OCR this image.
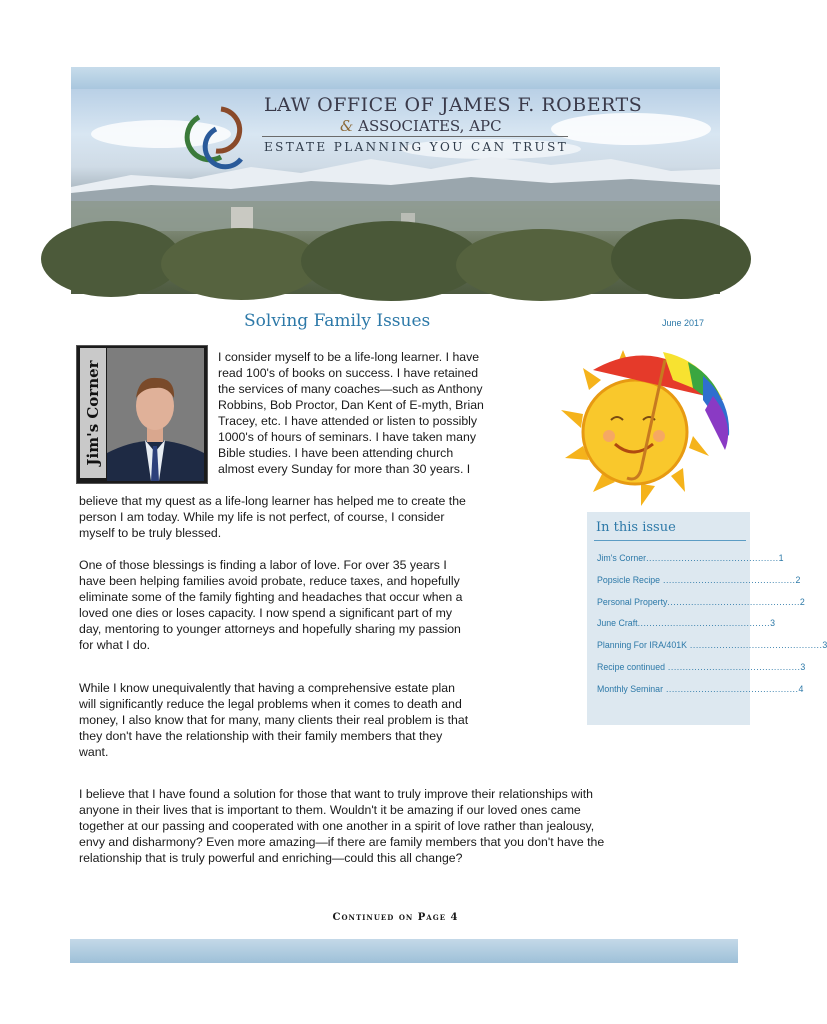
LAW OFFICE OF JAMES F. ROBERTS
& ASSOCIATES, APC
ESTATE PLANNING YOU CAN TRUST
Solving Family Issues	June 2017
Jim's Corner
I consider myself to be a life-long learner. I have
read 100's of books on success. I have retained
the services of many coaches—such as Anthony
Robbins, Bob Proctor, Dan Kent of E-myth, Brian
Tracey, etc. I have attended or listen to possibly
1000's of hours of seminars. I have taken many
Bible studies. I have been attending church
almost every Sunday for more than 30 years. I
believe that my quest as a life-long learner has helped me to create the
person I am today. While my life is not perfect, of course, I consider
myself to be truly blessed.
One of those blessings is finding a labor of love. For over 35 years I
have been helping families avoid probate, reduce taxes, and hopefully
eliminate some of the family fighting and headaches that occur when a
loved one dies or loses capacity. I now spend a significant part of my
day, mentoring to younger attorneys and hopefully sharing my passion
for what I do.
While I know unequivalently that having a comprehensive estate plan
will significantly reduce the legal problems when it comes to death and
money, I also know that for many, many clients their real problem is that
they don't have the relationship with their family members that they
want.
I believe that I have found a solution for those that want to truly improve their relationships with
anyone in their lives that is important to them. Wouldn't it be amazing if our loved ones came
together at our passing and cooperated with one another in a spirit of love rather than jealousy,
envy and disharmony? Even more amazing—if there are family members that you don't have the
relationship that is truly powerful and enriching—could this all change?
Continued on Page 4
In this issue
Jim's Corner ............................................. 1
Popsicle Recipe ............................................. 2
Personal Property ............................................. 2
June Craft ............................................. 3
Planning For IRA/401K ............................................. 3
Recipe continued ............................................. 3
Monthly Seminar ............................................. 4
